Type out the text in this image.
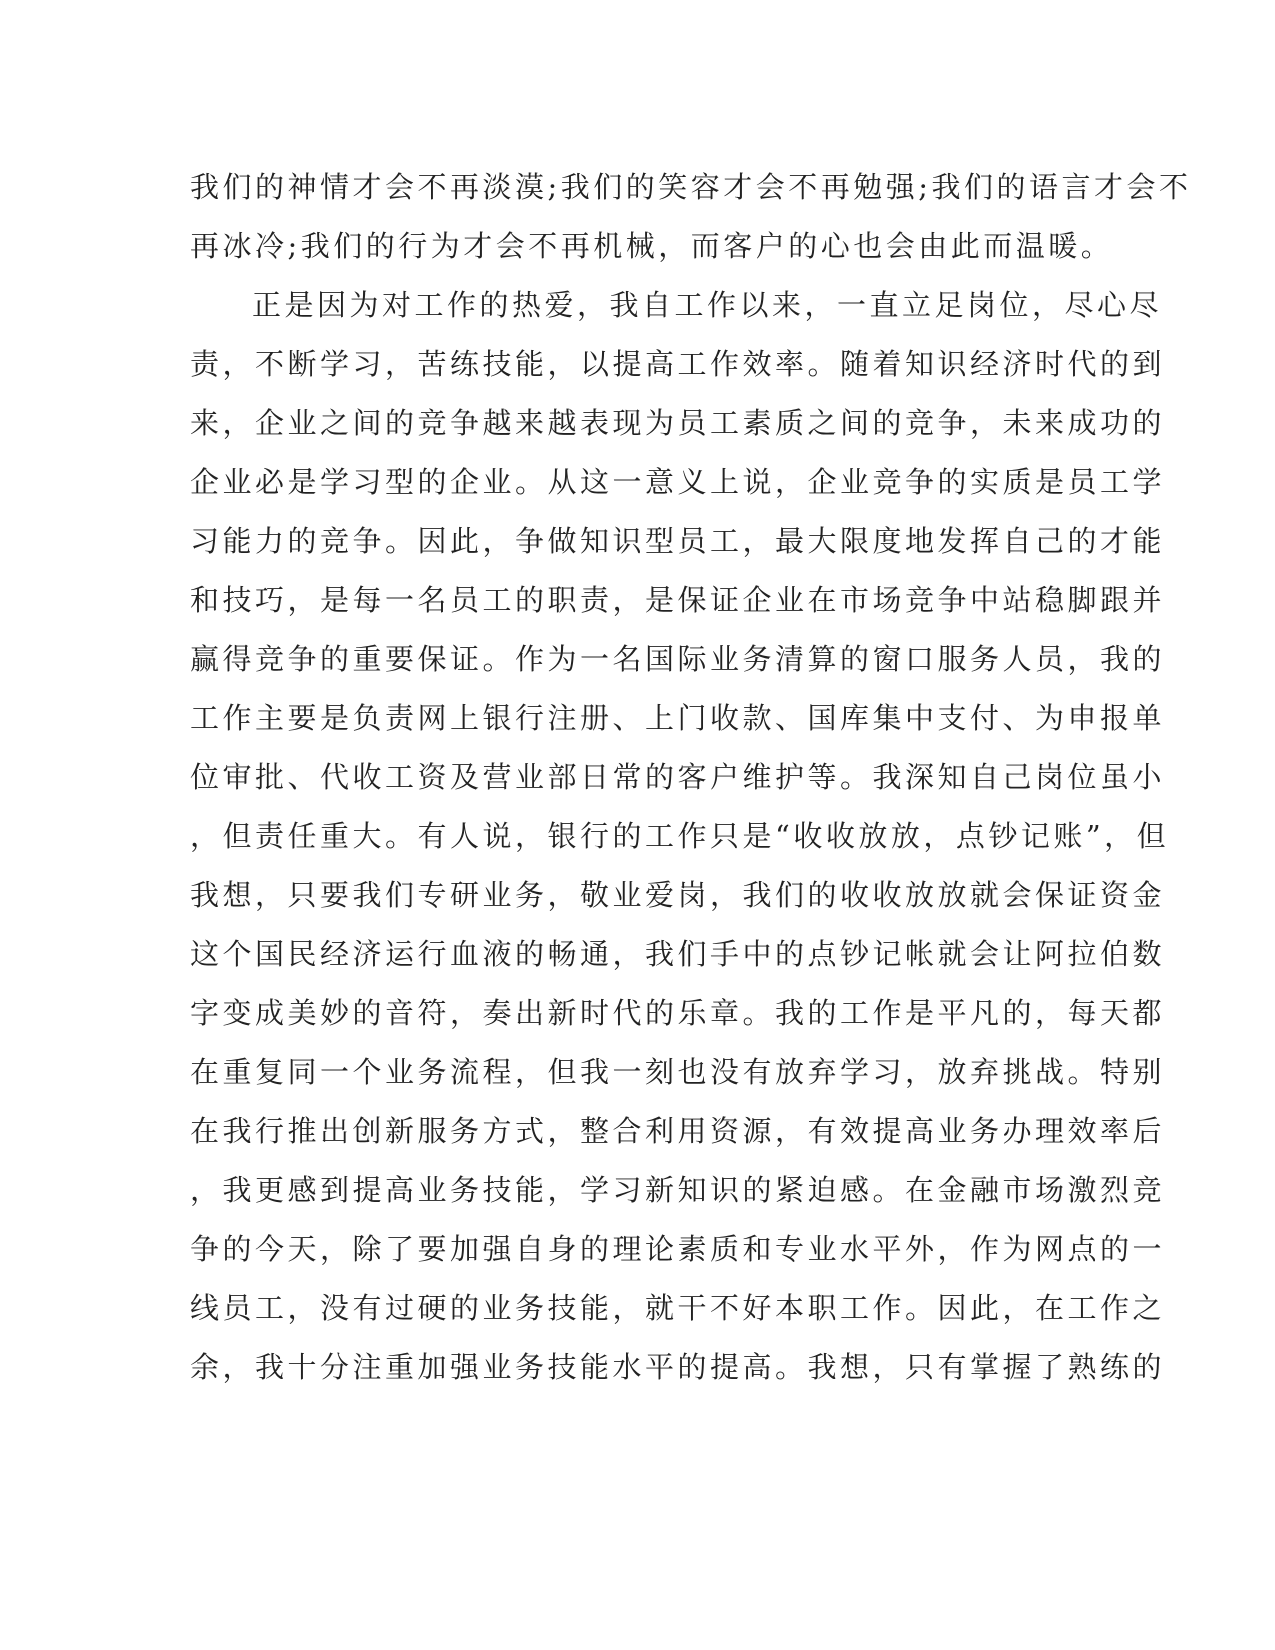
我们的神情才会不再淡漠;我们的笑容才会不再勉强;我们的语言才会不
再冰冷;我们的行为才会不再机械，而客户的心也会由此而温暖。
正是因为对工作的热爱，我自工作以来，一直立足岗位，尽心尽
责，不断学习，苦练技能，以提高工作效率。随着知识经济时代的到
来，企业之间的竞争越来越表现为员工素质之间的竞争，未来成功的
企业必是学习型的企业。从这一意义上说，企业竞争的实质是员工学
习能力的竞争。因此，争做知识型员工，最大限度地发挥自己的才能
和技巧，是每一名员工的职责，是保证企业在市场竞争中站稳脚跟并
赢得竞争的重要保证。作为一名国际业务清算的窗口服务人员，我的
工作主要是负责网上银行注册、上门收款、国库集中支付、为申报单
位审批、代收工资及营业部日常的客户维护等。我深知自己岗位虽小
，但责任重大。有人说，银行的工作只是“收收放放，点钞记账”，但
我想，只要我们专研业务，敬业爱岗，我们的收收放放就会保证资金
这个国民经济运行血液的畅通，我们手中的点钞记帐就会让阿拉伯数
字变成美妙的音符，奏出新时代的乐章。我的工作是平凡的，每天都
在重复同一个业务流程，但我一刻也没有放弃学习，放弃挑战。特别
在我行推出创新服务方式，整合利用资源，有效提高业务办理效率后
，我更感到提高业务技能，学习新知识的紧迫感。在金融市场激烈竞
争的今天，除了要加强自身的理论素质和专业水平外，作为网点的一
线员工，没有过硬的业务技能，就干不好本职工作。因此，在工作之
余，我十分注重加强业务技能水平的提高。我想，只有掌握了熟练的
